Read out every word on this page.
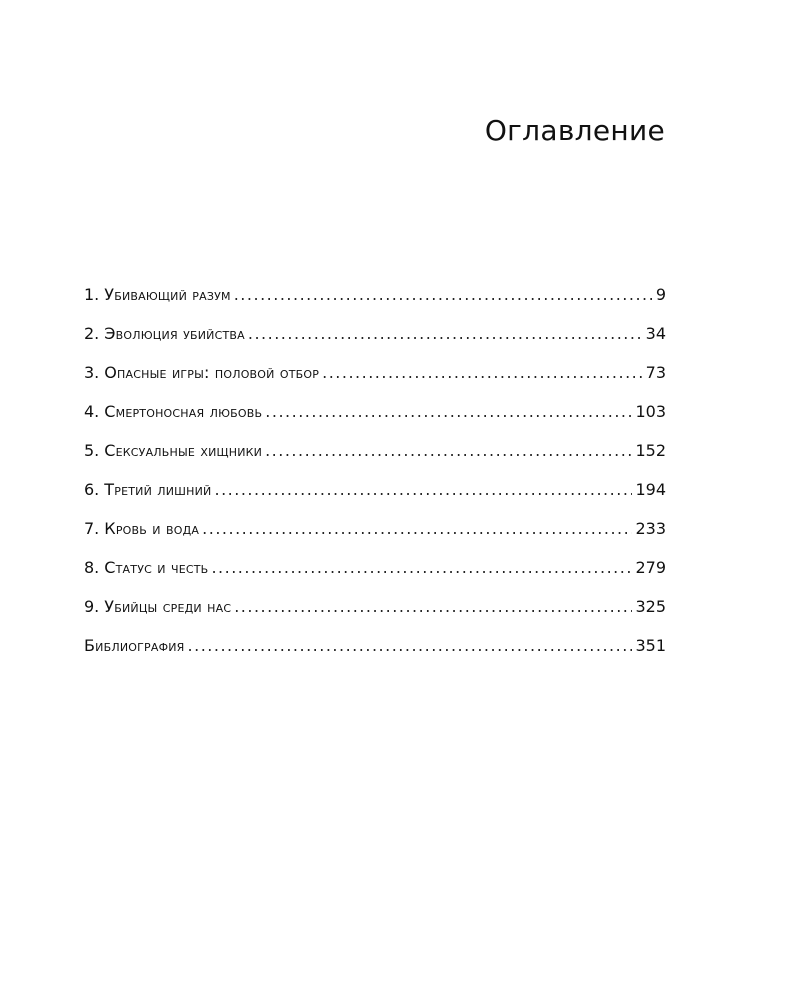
Оглавление
1. Убивающий разум .....	9
2. Эволюция убийства .....	34
3. Опасные игры: половой отбор .....	73
4. Смертоносная любовь .....	103
5. Сексуальные хищники .....	152
6. Третий лишний .....	194
7. Кровь и вода .....	233
8. Статус и честь .....	279
9. Убийцы среди нас .....	325
Библиография .....	351
